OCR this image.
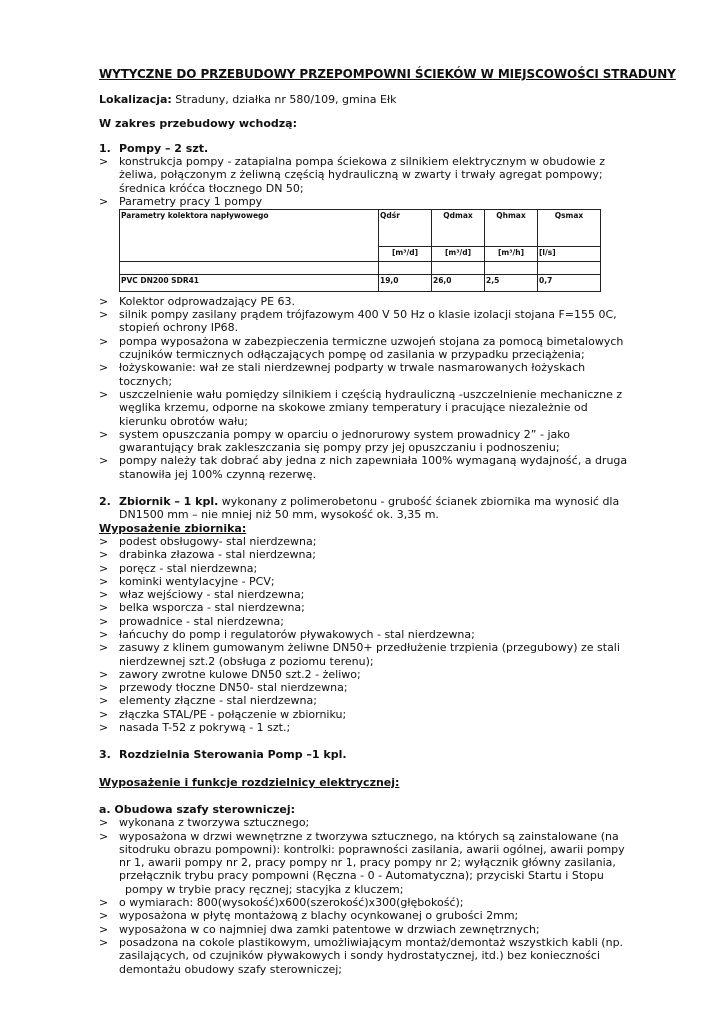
WYTYCZNE DO PRZEBUDOWY PRZEPOMPOWNI ŚCIEKÓW W MIEJSCOWOŚCI STRADUNY

Lokalizacja: Straduny, działka nr 580/109, gmina Ełk

W zakres przebudowy wchodzą:

1. Pompy – 2 szt.
> konstrukcja pompy - zatapialna pompa ściekowa z silnikiem elektrycznym w obudowie z żeliwa, połączonym z żeliwną częścią hydrauliczną w zwarty i trwały agregat pompowy; średnica króćca tłocznego DN 50;
> Parametry pracy 1 pompy
Parametry kolektora napływowego	Qdśr	Qdmax	Qhmax	Qsmax
	[m³/d]	[m³/d]	[m³/h]	[l/s]

PVC DN200 SDR41	19,0	26,0	2,5	0,7
> Kolektor odprowadzający PE 63.
> silnik pompy zasilany prądem trójfazowym 400 V 50 Hz o klasie izolacji stojana F=155 0C, stopień ochrony IP68.
> pompa wyposażona w zabezpieczenia termiczne uzwojeń stojana za pomocą bimetalowych czujników termicznych odłączających pompę od zasilania w przypadku przeciążenia;
> łożyskowanie: wał ze stali nierdzewnej podparty w trwale nasmarowanych łożyskach tocznych;
> uszczelnienie wału pomiędzy silnikiem i częścią hydrauliczną -uszczelnienie mechaniczne z węglika krzemu, odporne na skokowe zmiany temperatury i pracujące niezależnie od kierunku obrotów wału;
> system opuszczania pompy w oparciu o jednorurowy system prowadnicy 2” - jako gwarantujący brak zakleszczania się pompy przy jej opuszczaniu i podnoszeniu;
> pompy należy tak dobrać aby jedna z nich zapewniała 100% wymaganą wydajność, a druga stanowiła jej 100% czynną rezerwę.
2. Zbiornik – 1 kpl. wykonany z polimerobetonu - grubość ścianek zbiornika ma wynosić dla DN1500 mm – nie mniej niż 50 mm, wysokość ok. 3,35 m.

Wyposażenie zbiornika:

> podest obsługowy- stal nierdzewna;
> drabinka złazowa - stal nierdzewna;
> poręcz - stal nierdzewna;
> kominki wentylacyjne - PCV;
> właz wejściowy - stal nierdzewna;
> belka wsporcza - stal nierdzewna;
> prowadnice - stal nierdzewna;
> łańcuchy do pomp i regulatorów pływakowych - stal nierdzewna;
> zasuwy z klinem gumowanym żeliwne DN50+ przedłużenie trzpienia (przegubowy) ze stali nierdzewnej szt.2 (obsługa z poziomu terenu);
> zawory zwrotne kulowe DN50 szt.2 - żeliwo;
> przewody tłoczne DN50- stal nierdzewna;
> elementy złączne - stal nierdzewna;
> złączka STAL/PE - połączenie w zbiorniku;
> nasada T-52 z pokrywą - 1 szt.;
3. Rozdzielnia Sterowania Pomp –1 kpl.

Wyposażenie i funkcje rozdzielnicy elektrycznej:

a. Obudowa szafy sterowniczej:

> wykonana z tworzywa sztucznego;
> wyposażona w drzwi wewnętrzne z tworzywa sztucznego, na których są zainstalowane (na sitodruku obrazu pompowni): kontrolki: poprawności zasilania, awarii ogólnej, awarii pompy nr 1, awarii pompy nr 2, pracy pompy nr 1, pracy pompy nr 2; wyłącznik główny zasilania,
przełącznik trybu pracy pompowni (Ręczna - 0 - Automatyczna); przyciski Startu i Stopu pompy w trybie pracy ręcznej; stacyjka z kluczem;
> o wymiarach: 800(wysokość)x600(szerokość)x300(głębokość);
> wyposażona w płytę montażową z blachy ocynkowanej o grubości 2mm;
> wyposażona w co najmniej dwa zamki patentowe w drzwiach zewnętrznych;
> posadzona na cokole plastikowym, umożliwiającym montaż/demontaż wszystkich kabli (np. zasilających, od czujników pływakowych i sondy hydrostatycznej, itd.) bez konieczności demontażu obudowy szafy sterowniczej;
